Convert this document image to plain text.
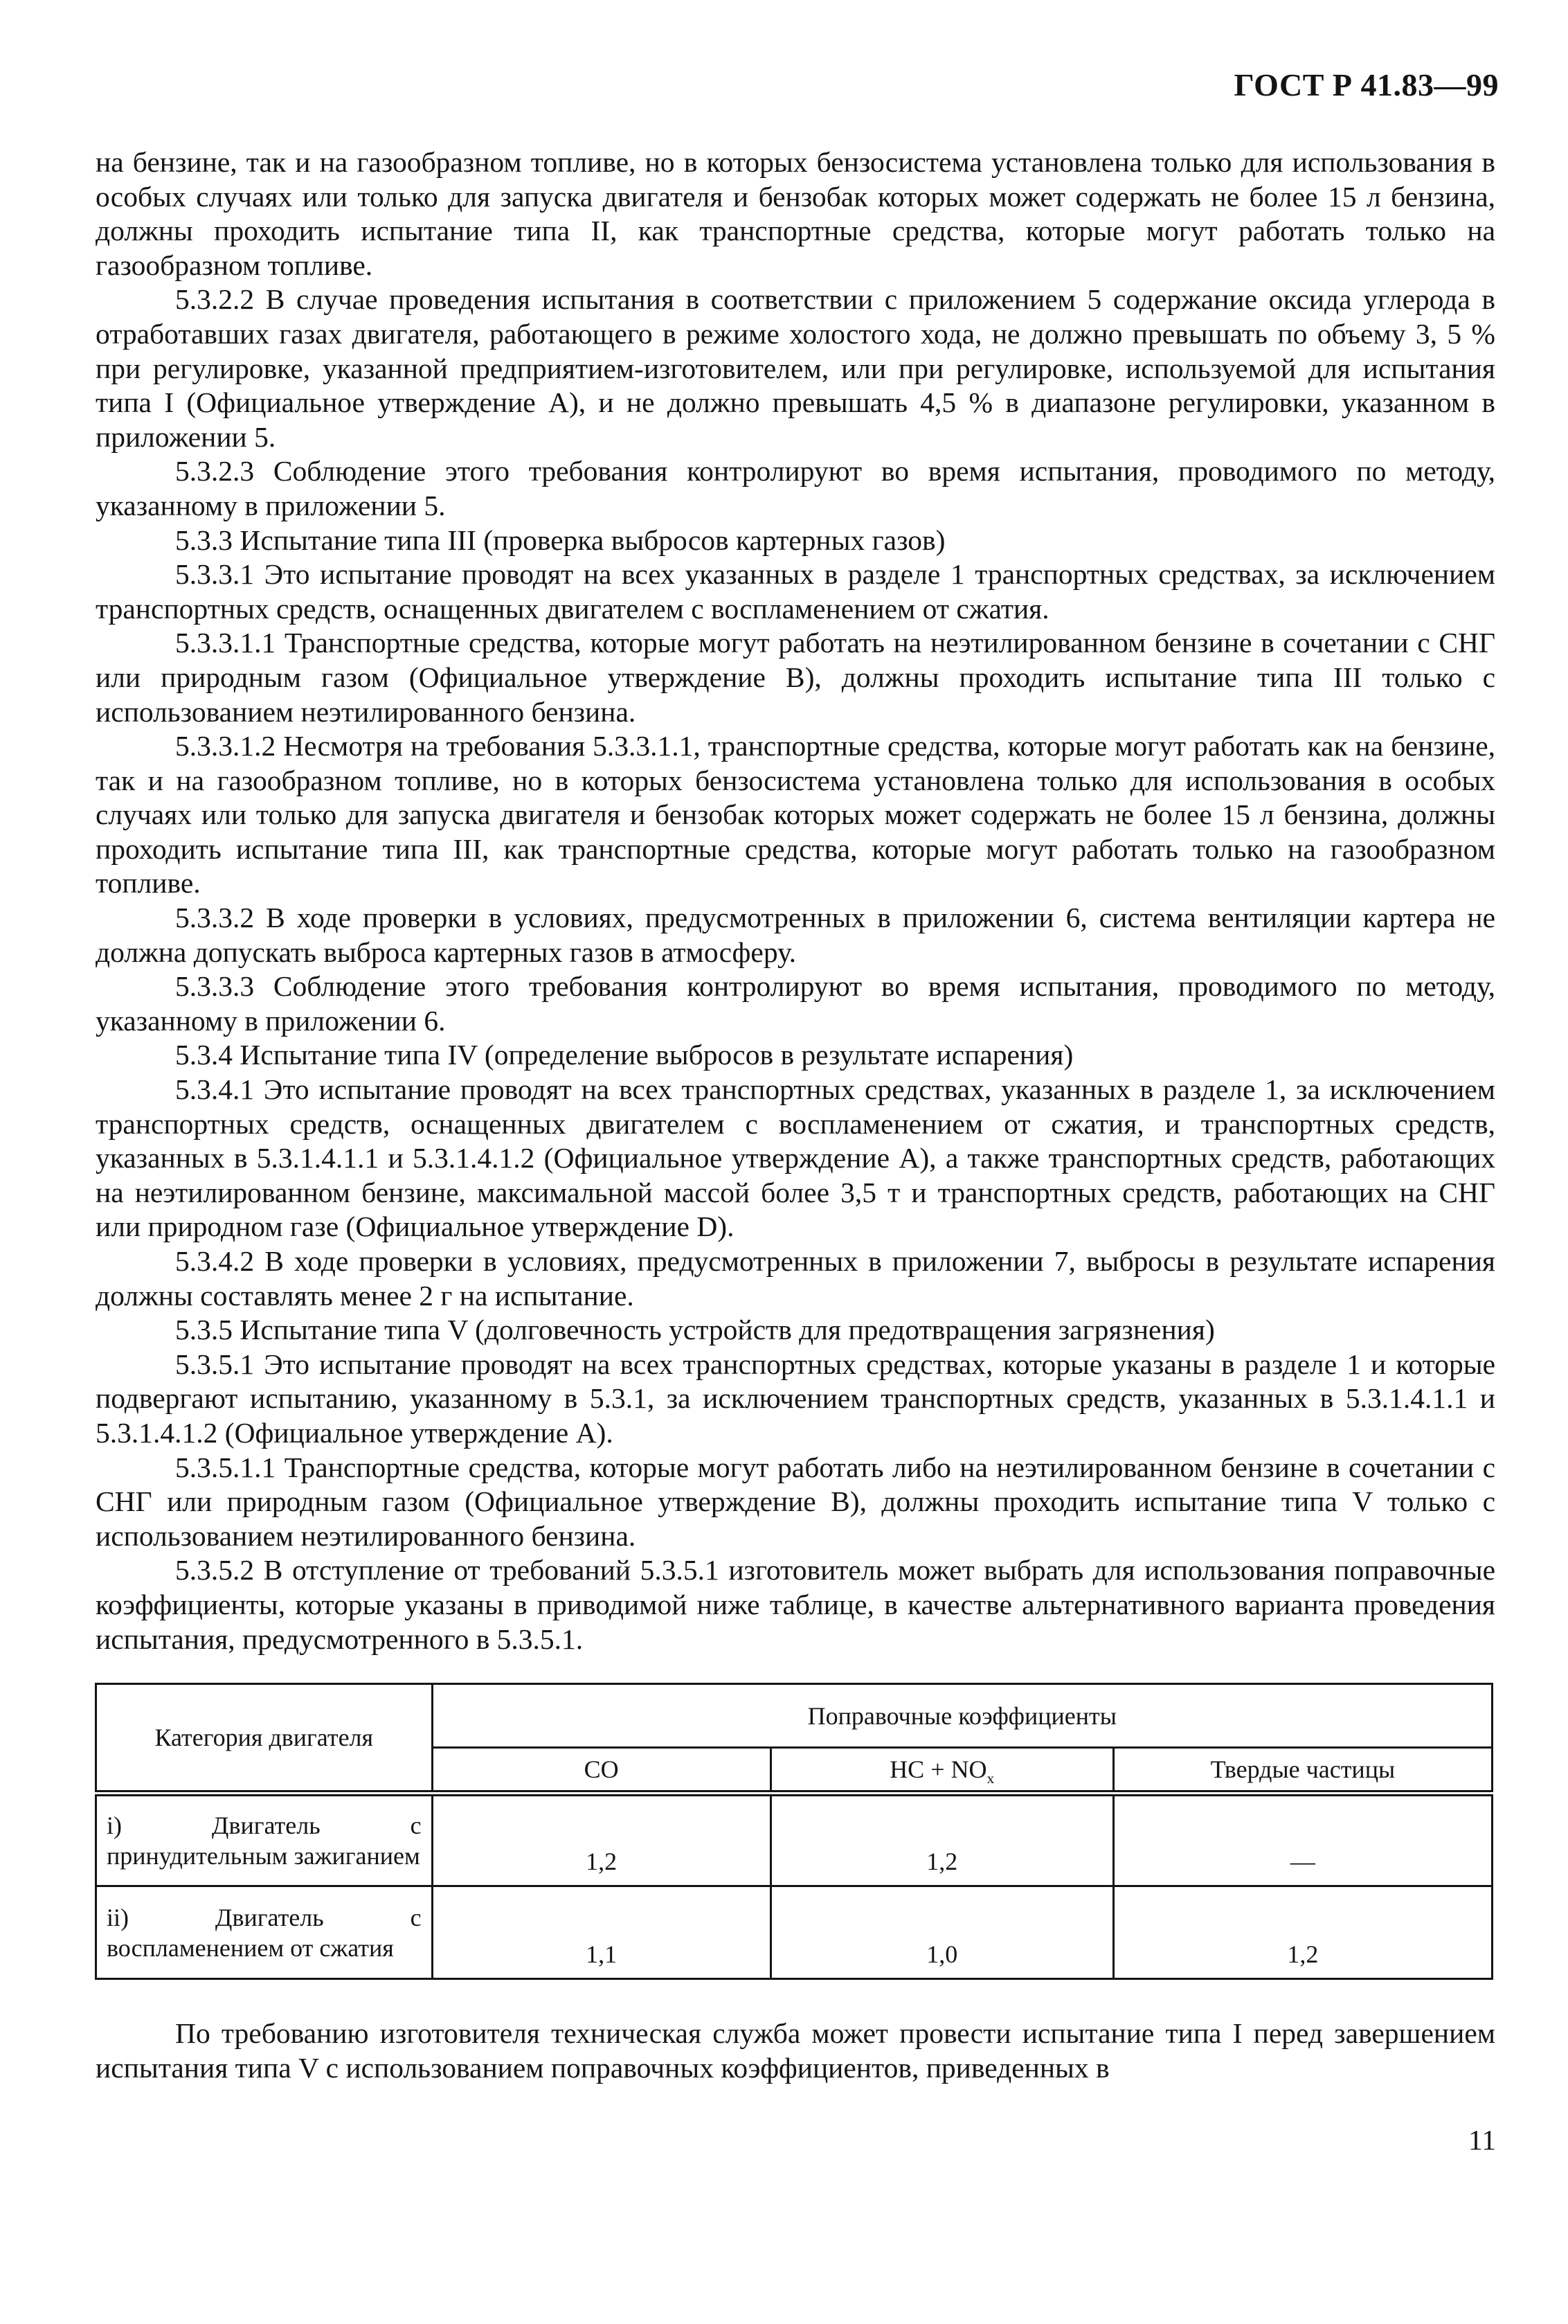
ГОСТ Р 41.83—99

на бензине, так и на газообразном топливе, но в которых бензосистема установлена только для использования в особых случаях или только для запуска двигателя и бензобак которых может содержать не более 15 л бензина, должны проходить испытание типа II, как транспортные средства, которые могут работать только на газообразном топливе.

5.3.2.2 В случае проведения испытания в соответствии с приложением 5 содержание оксида углерода в отработавших газах двигателя, работающего в режиме холостого хода, не должно превышать по объему 3, 5 % при регулировке, указанной предприятием-изготовителем, или при регулировке, используемой для испытания типа I (Официальное утверждение А), и не должно превышать 4,5 % в диапазоне регулировки, указанном в приложении 5.

5.3.2.3 Соблюдение этого требования контролируют во время испытания, проводимого по методу, указанному в приложении 5.

5.3.3 Испытание типа III (проверка выбросов картерных газов)

5.3.3.1 Это испытание проводят на всех указанных в разделе 1 транспортных средствах, за исключением транспортных средств, оснащенных двигателем с воспламенением от сжатия.

5.3.3.1.1 Транспортные средства, которые могут работать на неэтилированном бензине в сочетании с СНГ или природным газом (Официальное утверждение В), должны проходить испытание типа III только с использованием неэтилированного бензина.

5.3.3.1.2 Несмотря на требования 5.3.3.1.1, транспортные средства, которые могут работать как на бензине, так и на газообразном топливе, но в которых бензосистема установлена только для использования в особых случаях или только для запуска двигателя и бензобак которых может содержать не более 15 л бензина, должны проходить испытание типа III, как транспортные средства, которые могут работать только на газообразном топливе.

5.3.3.2 В ходе проверки в условиях, предусмотренных в приложении 6, система вентиляции картера не должна допускать выброса картерных газов в атмосферу.

5.3.3.3 Соблюдение этого требования контролируют во время испытания, проводимого по методу, указанному в приложении 6.

5.3.4 Испытание типа IV (определение выбросов в результате испарения)

5.3.4.1 Это испытание проводят на всех транспортных средствах, указанных в разделе 1, за исключением транспортных средств, оснащенных двигателем с воспламенением от сжатия, и транспортных средств, указанных в 5.3.1.4.1.1 и 5.3.1.4.1.2 (Официальное утверждение А), а также транспортных средств, работающих на неэтилированном бензине, максимальной массой более 3,5 т и транспортных средств, работающих на СНГ или природном газе (Официальное утверждение D).

5.3.4.2 В ходе проверки в условиях, предусмотренных в приложении 7, выбросы в результате испарения должны составлять менее 2 г на испытание.

5.3.5 Испытание типа V (долговечность устройств для предотвращения загрязнения)

5.3.5.1 Это испытание проводят на всех транспортных средствах, которые указаны в разделе 1 и которые подвергают испытанию, указанному в 5.3.1, за исключением транспортных средств, указанных в 5.3.1.4.1.1 и 5.3.1.4.1.2 (Официальное утверждение А).

5.3.5.1.1 Транспортные средства, которые могут работать либо на неэтилированном бензине в сочетании с СНГ или природным газом (Официальное утверждение В), должны проходить испытание типа V только с использованием неэтилированного бензина.

5.3.5.2 В отступление от требований 5.3.5.1 изготовитель может выбрать для использования поправочные коэффициенты, которые указаны в приводимой ниже таблице, в качестве альтернативного варианта проведения испытания, предусмотренного в 5.3.5.1.

Категория двигателя	Поправочные коэффициенты		
	CO	HC + $NO_x$	Твердые частицы
i) Двигатель с принудительным зажиганием	1,2	1,2	—
ii) Двигатель с воспламенением от сжатия	1,1	1,0	1,2

По требованию изготовителя техническая служба может провести испытание типа I перед завершением испытания типа V с использованием поправочных коэффициентов, приведенных в

11
